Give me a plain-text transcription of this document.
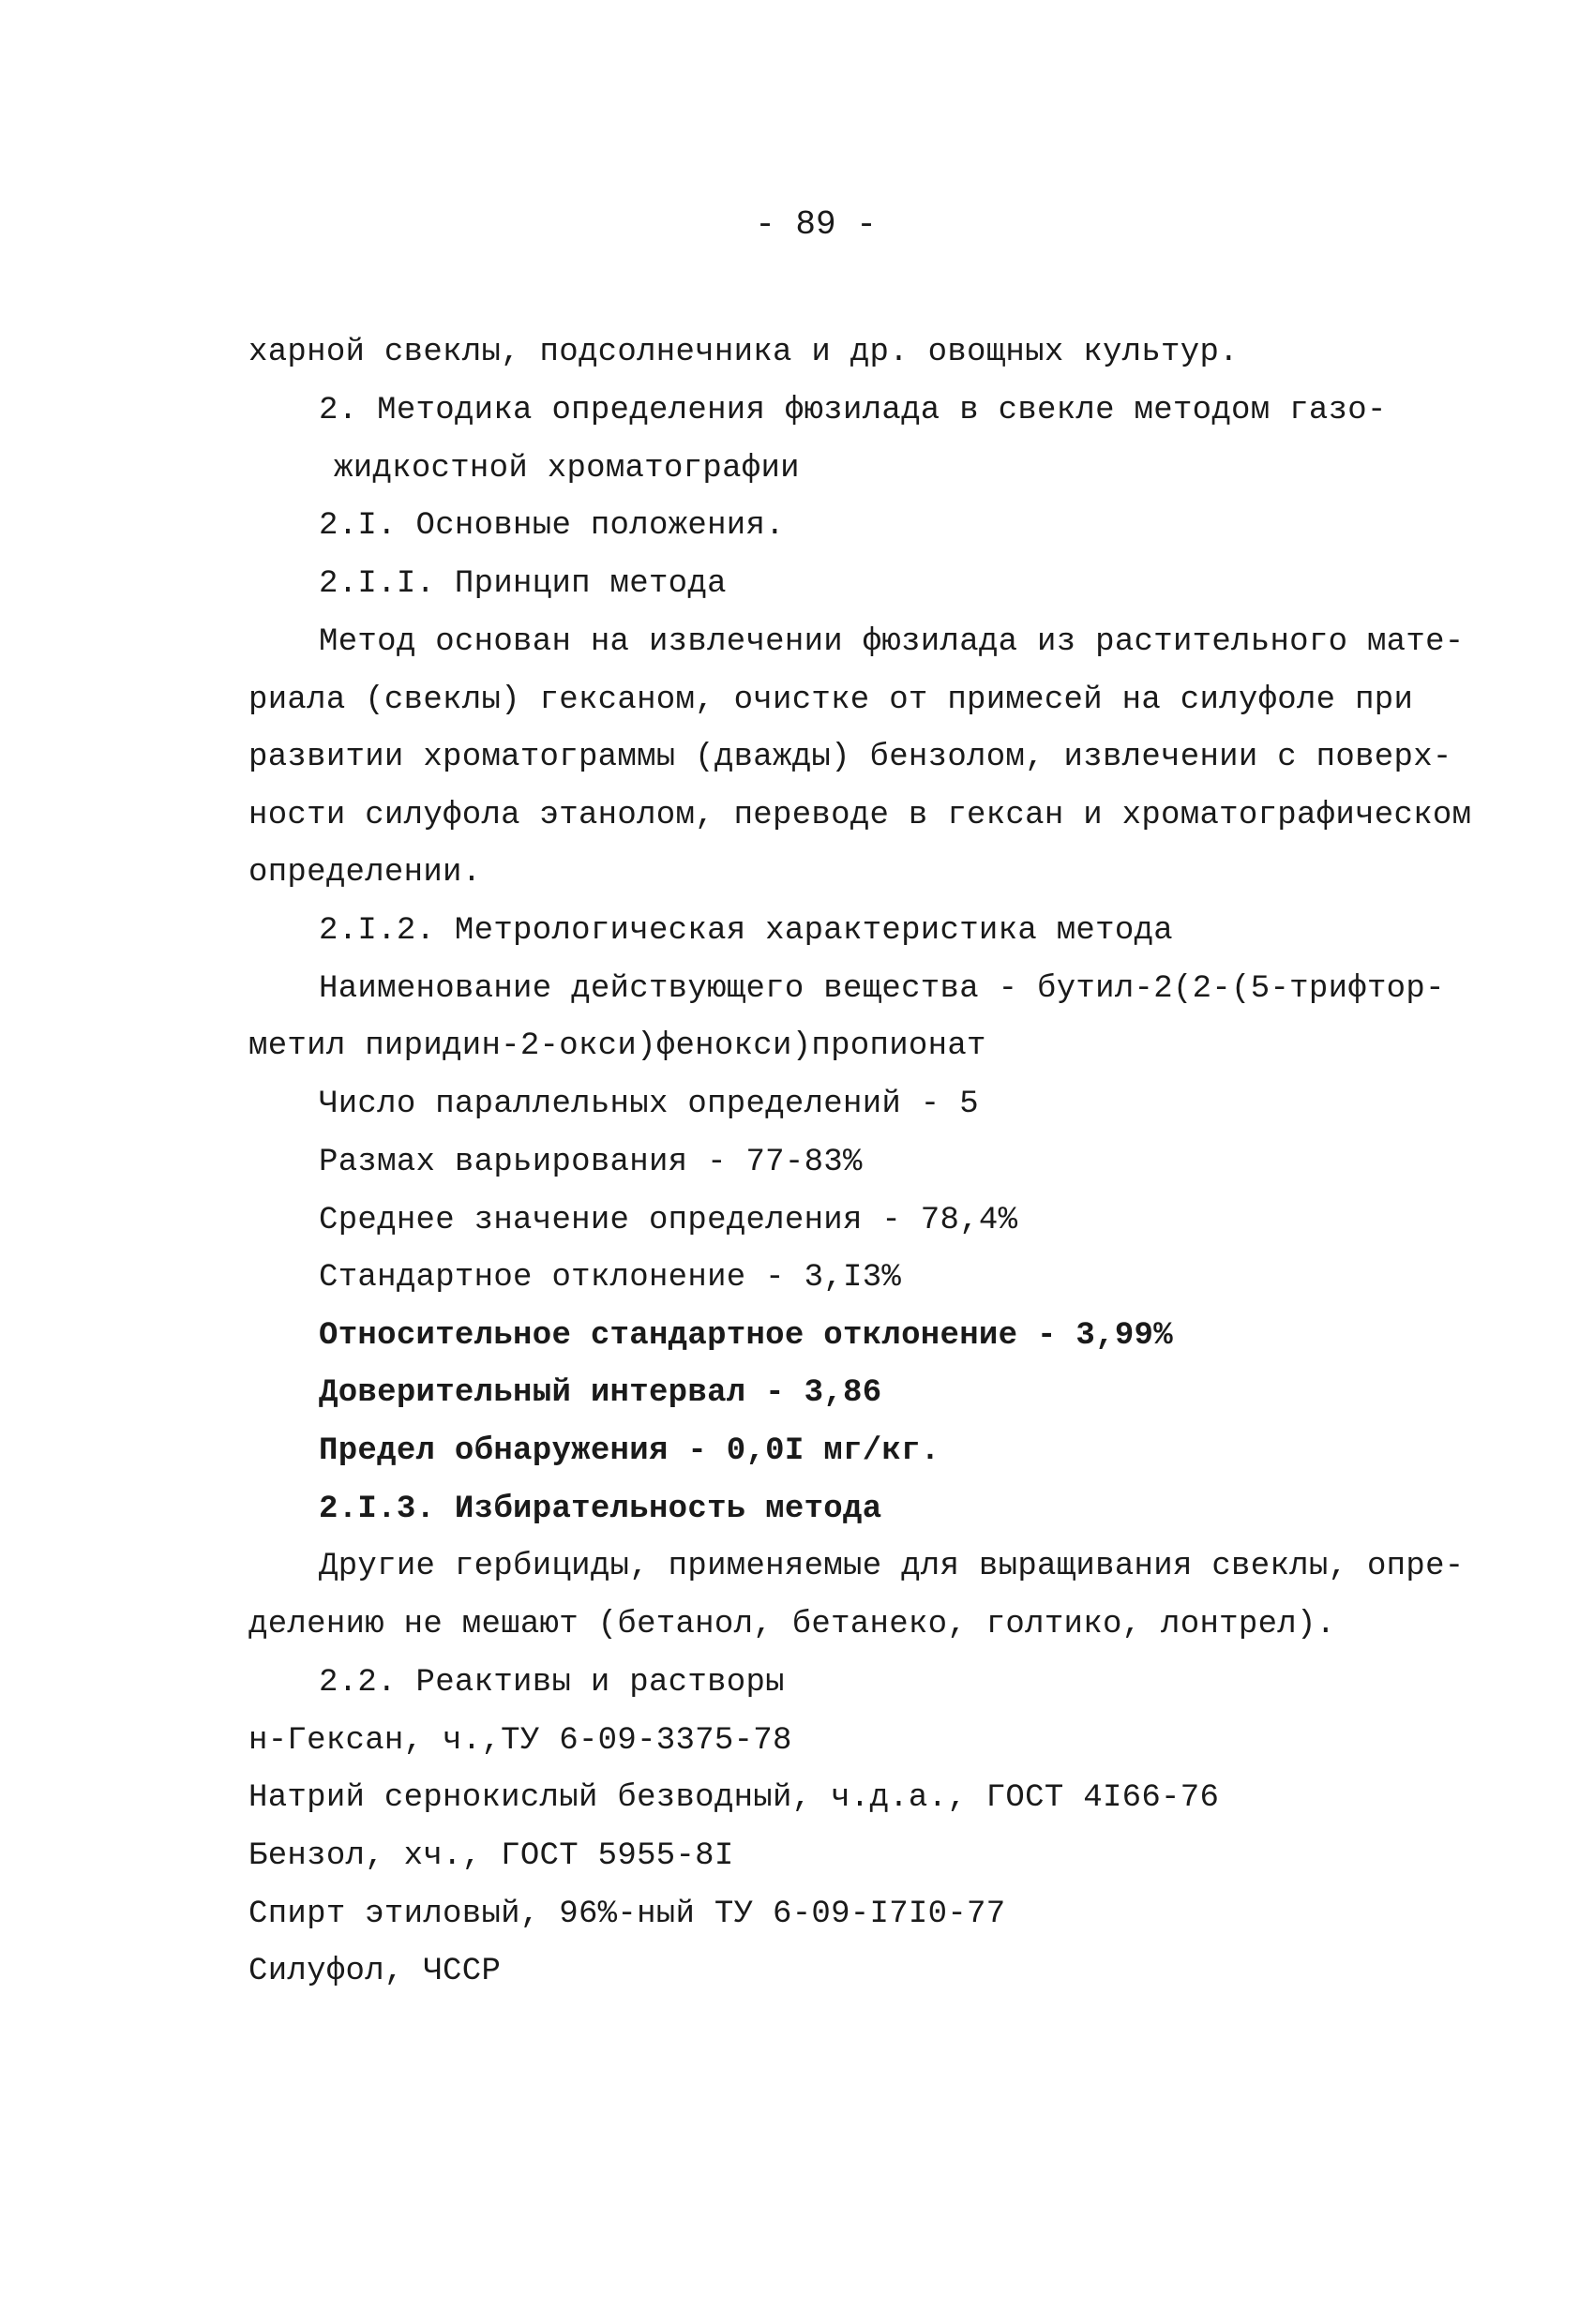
- 89 -
харной свеклы, подсолнечника и др. овощных культур.
2. Методика определения фюзилада в свекле методом газо-
жидкостной хроматографии
2.I. Основные положения.
2.I.I. Принцип метода
Метод основан на извлечении фюзилада из растительного мате-
риала (свеклы) гексаном, очистке от примесей на силуфоле при
развитии хроматограммы (дважды) бензолом, извлечении с поверх-
ности силуфола этанолом, переводе в гексан и хроматографическом
определении.
2.I.2. Метрологическая характеристика метода
Наименование действующего вещества - бутил-2(2-(5-трифтор-
метил пиридин-2-окси)фенокси)пропионат
Число параллельных определений - 5
Размах варьирования - 77-83%
Среднее значение определения - 78,4%
Стандартное отклонение - 3,I3%
Относительное стандартное отклонение - 3,99%
Доверительный интервал - 3,86
Предел обнаружения - 0,0I мг/кг.
2.I.3. Избирательность метода
Другие гербициды, применяемые для выращивания свеклы, опре-
делению не мешают (бетанол, бетанеко, голтико, лонтрел).
2.2. Реактивы и растворы
н-Гексан, ч.,ТУ 6-09-3375-78
Натрий сернокислый безводный, ч.д.а., ГОСТ 4I66-76
Бензол, хч., ГОСТ 5955-8I
Спирт этиловый, 96%-ный ТУ 6-09-I7I0-77
Силуфол, ЧССР
